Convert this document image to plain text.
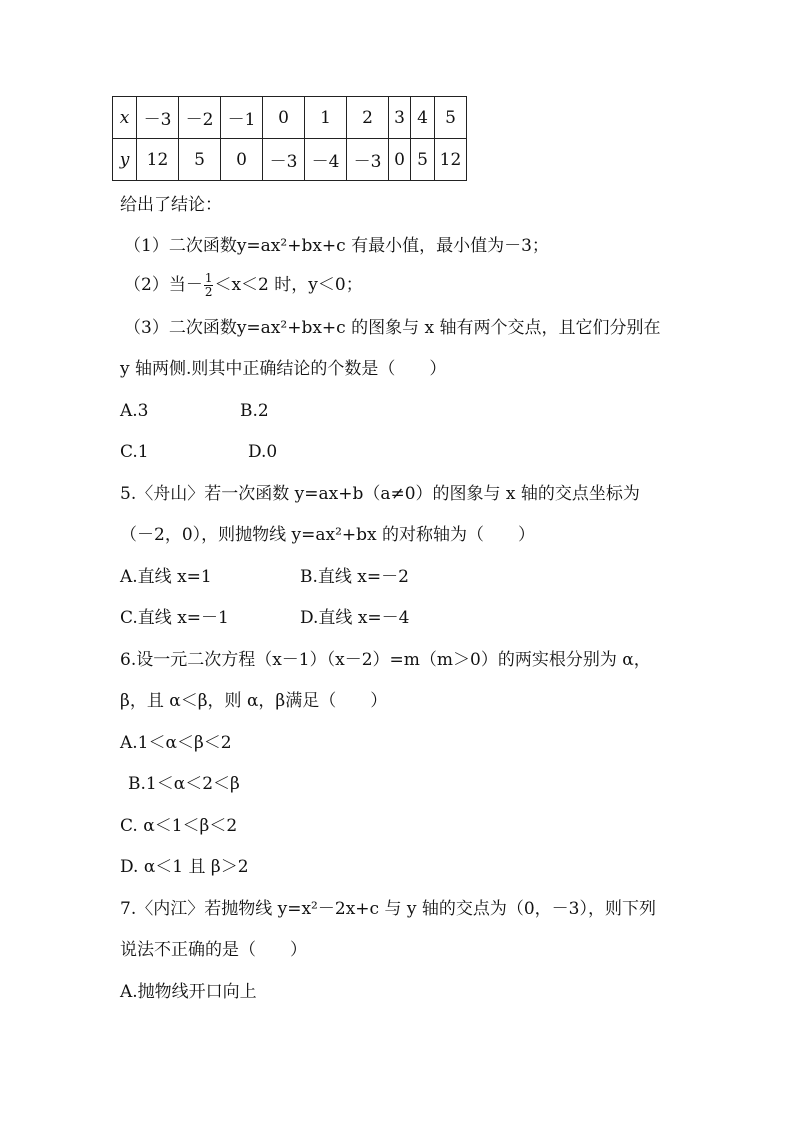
x	－3	－2	－1	0	1	2	3	4	5
y	12	5	0	－3	－4	－3	0	5	12
给出了结论：
（1）二次函数y=ax²+bx+c 有最小值，最小值为－3；
（2）当－ $\frac{1}{2} <x<2$ 时，y＜0；
（3）二次函数y=ax²+bx+c 的图象与 x 轴有两个交点，且它们分别在
y 轴两侧.则其中正确结论的个数是（　　）
A.3	B.2
C.1	D.0
5.〈舟山〉若一次函数 y=ax+b（a≠0）的图象与 x 轴的交点坐标为
（－2，0），则抛物线 y=ax²+bx 的对称轴为（　　）
A.直线 x=1	B.直线 x=－2
C.直线 x=－1	D.直线 x=－4
6.设一元二次方程（x－1）（x－2）=m（m＞0）的两实根分别为 α，
β，且 α＜β，则 α，β满足（　　）
A.1＜α＜β＜2
B.1＜α＜2＜β
C. α＜1＜β＜2
D. α＜1 且 β＞2
7.〈内江〉若抛物线 y=x²－2x+c 与 y 轴的交点为（0，－3），则下列
说法不正确的是（　　）
A.抛物线开口向上
